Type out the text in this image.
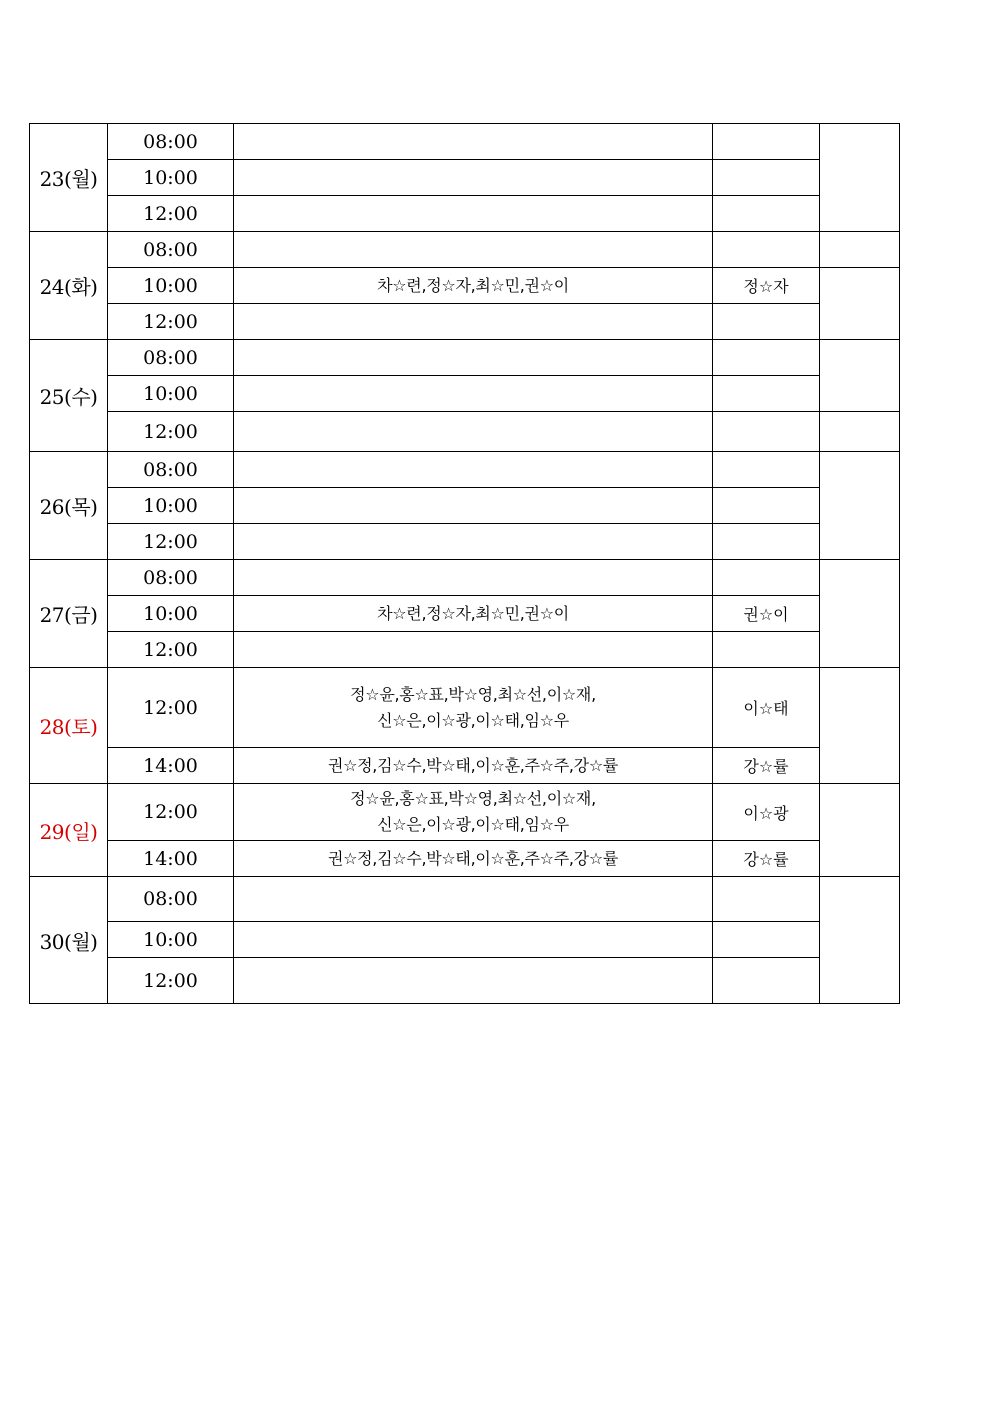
23(월)	08:00			
	10:00			
	12:00			
24(화)	08:00			
	10:00	차☆련,정☆자,최☆민,권☆이	정☆자	
	12:00			
25(수)	08:00			
	10:00			
	12:00			
26(목)	08:00			
	10:00			
	12:00			
27(금)	08:00			
	10:00	차☆련,정☆자,최☆민,권☆이	권☆이	
	12:00			
28(토)	12:00	정☆윤,홍☆표,박☆영,최☆선,이☆재,
신☆은,이☆광,이☆태,임☆우	이☆태	
	14:00	권☆정,김☆수,박☆태,이☆훈,주☆주,강☆률	강☆률	
29(일)	12:00	정☆윤,홍☆표,박☆영,최☆선,이☆재,
신☆은,이☆광,이☆태,임☆우	이☆광	
	14:00	권☆정,김☆수,박☆태,이☆훈,주☆주,강☆률	강☆률	
30(월)	08:00			
	10:00			
	12:00			
